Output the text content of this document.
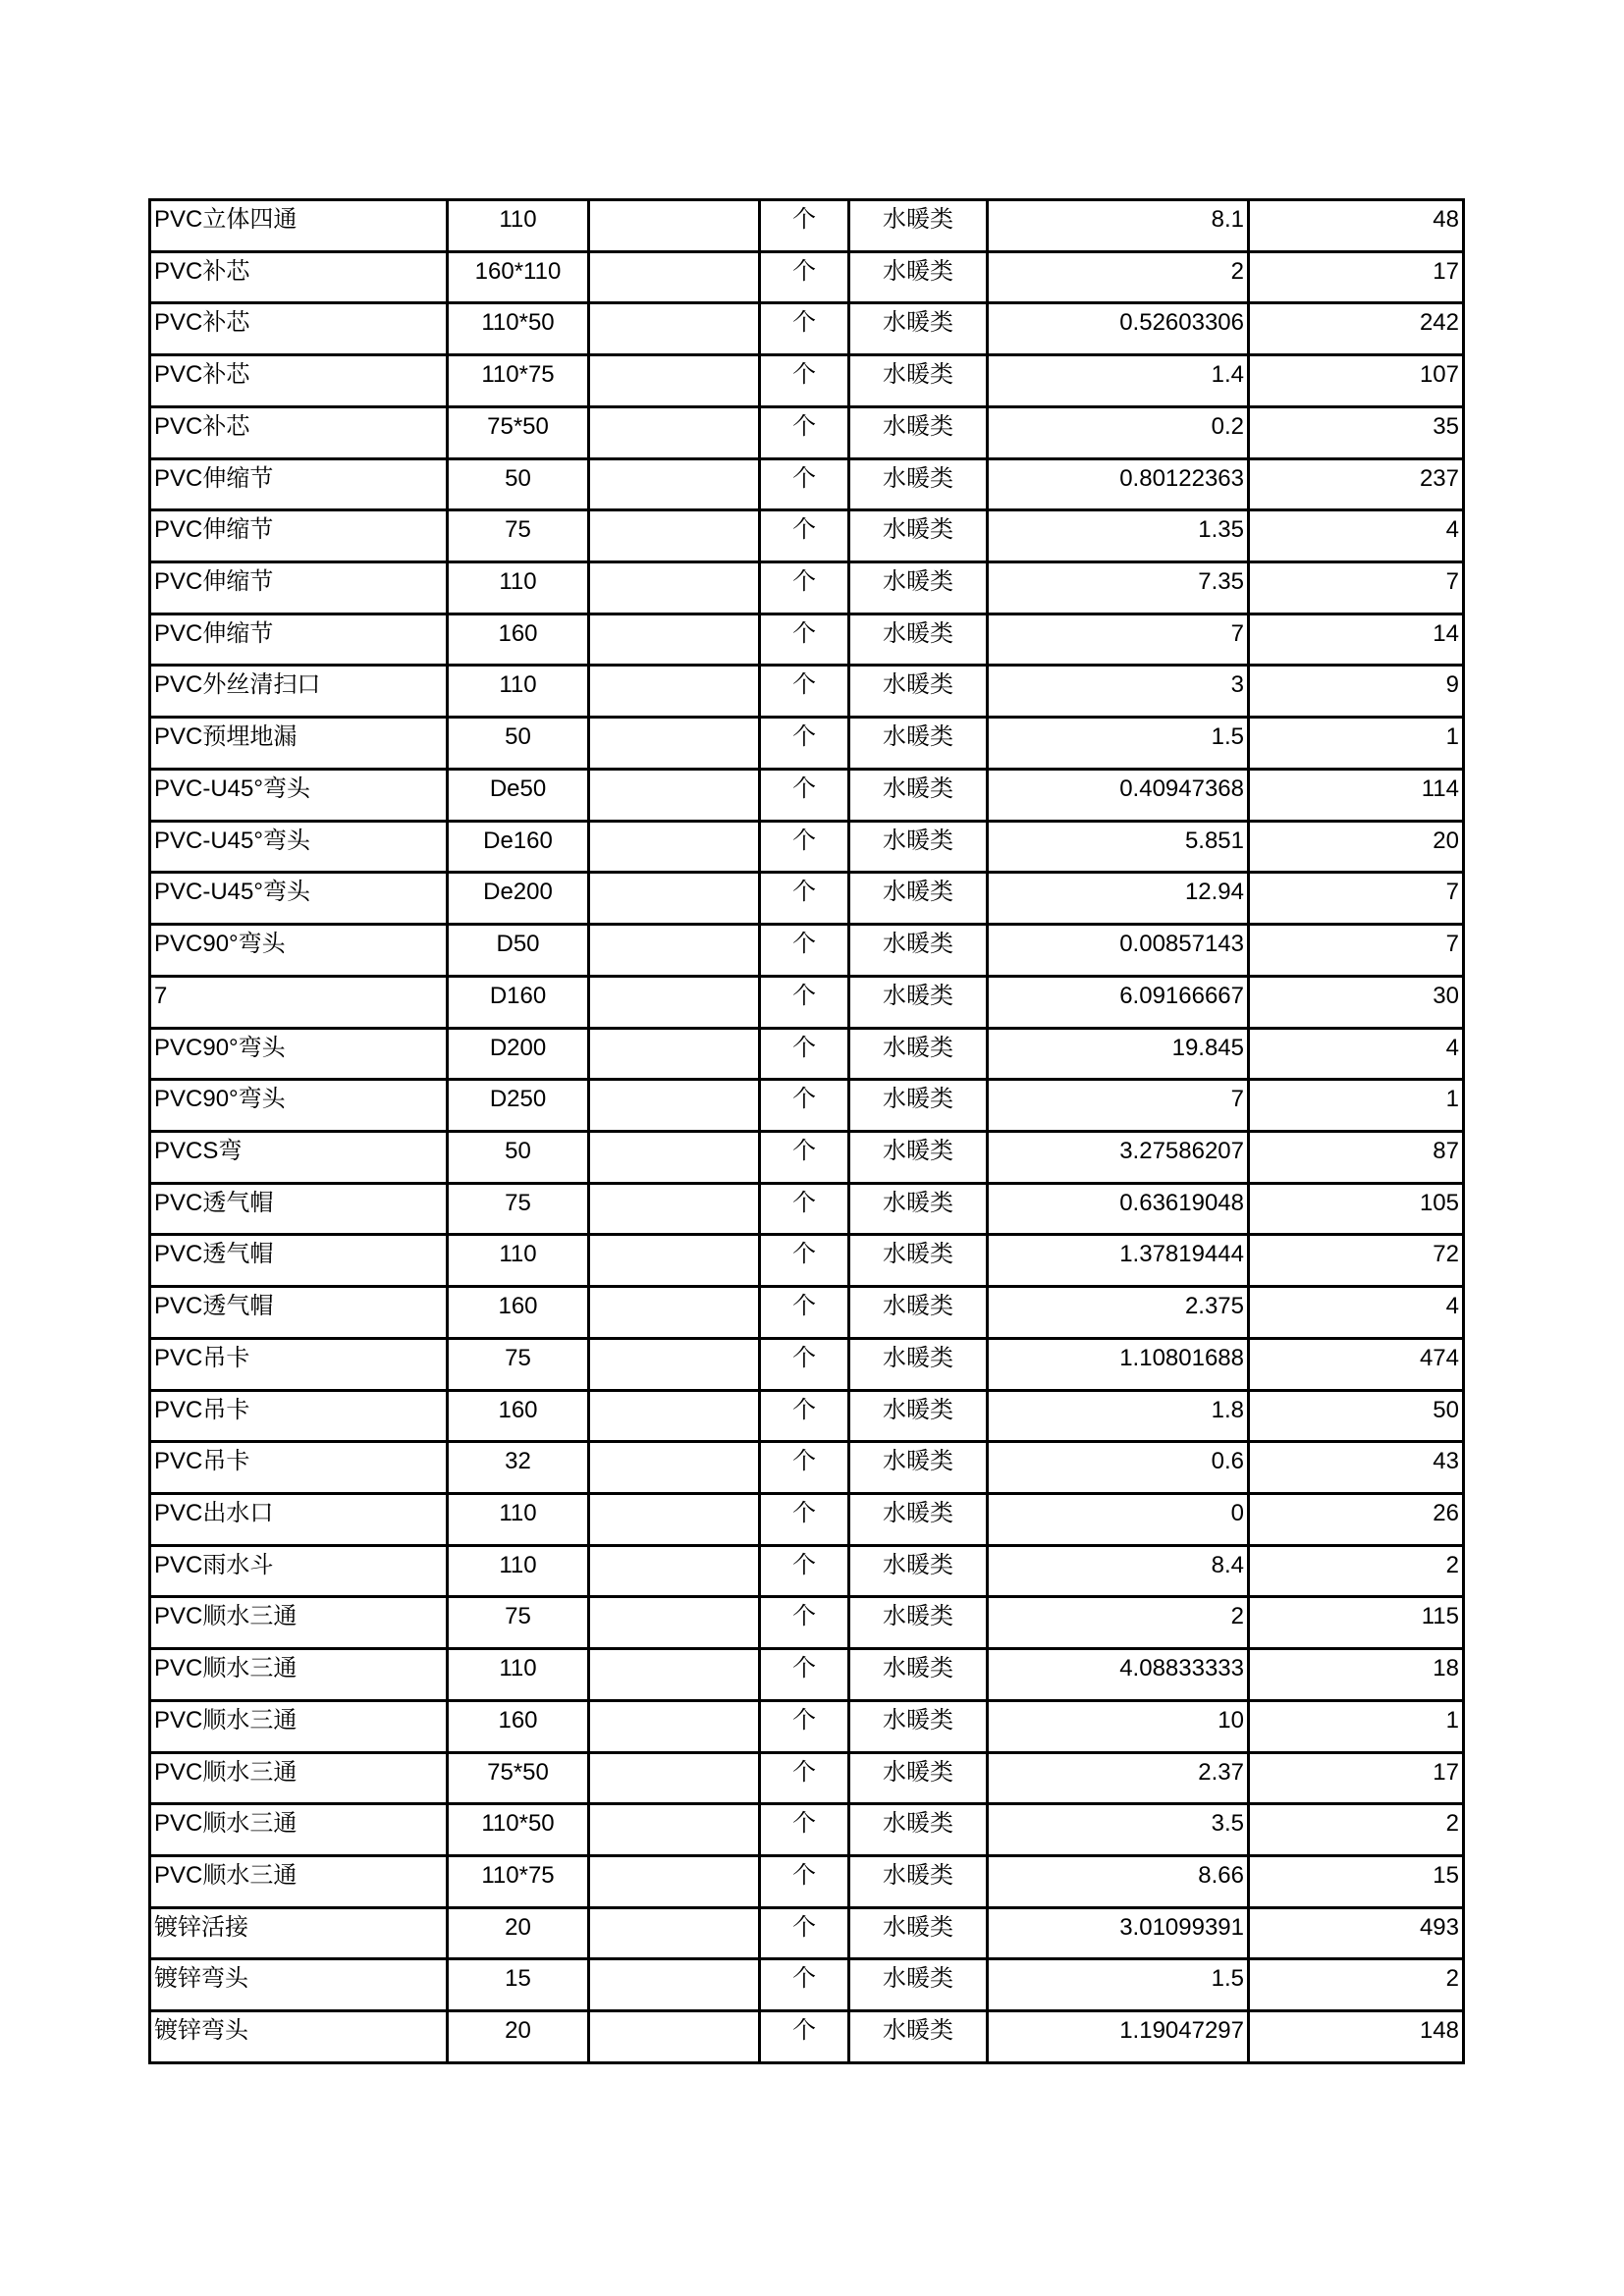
PVC立体四通	110		个	水暖类	8.1	48
PVC补芯	160*110		个	水暖类	2	17
PVC补芯	110*50		个	水暖类	0.52603306	242
PVC补芯	110*75		个	水暖类	1.4	107
PVC补芯	75*50		个	水暖类	0.2	35
PVC伸缩节	50		个	水暖类	0.80122363	237
PVC伸缩节	75		个	水暖类	1.35	4
PVC伸缩节	110		个	水暖类	7.35	7
PVC伸缩节	160		个	水暖类	7	14
PVC外丝清扫口	110		个	水暖类	3	9
PVC预埋地漏	50		个	水暖类	1.5	1
PVC-U45°弯头	De50		个	水暖类	0.40947368	114
PVC-U45°弯头	De160		个	水暖类	5.851	20
PVC-U45°弯头	De200		个	水暖类	12.94	7
PVC90°弯头	D50		个	水暖类	0.00857143	7
7	D160		个	水暖类	6.09166667	30
PVC90°弯头	D200		个	水暖类	19.845	4
PVC90°弯头	D250		个	水暖类	7	1
PVCS弯	50		个	水暖类	3.27586207	87
PVC透气帽	75		个	水暖类	0.63619048	105
PVC透气帽	110		个	水暖类	1.37819444	72
PVC透气帽	160		个	水暖类	2.375	4
PVC吊卡	75		个	水暖类	1.10801688	474
PVC吊卡	160		个	水暖类	1.8	50
PVC吊卡	32		个	水暖类	0.6	43
PVC出水口	110		个	水暖类	0	26
PVC雨水斗	110		个	水暖类	8.4	2
PVC顺水三通	75		个	水暖类	2	115
PVC顺水三通	110		个	水暖类	4.08833333	18
PVC顺水三通	160		个	水暖类	10	1
PVC顺水三通	75*50		个	水暖类	2.37	17
PVC顺水三通	110*50		个	水暖类	3.5	2
PVC顺水三通	110*75		个	水暖类	8.66	15
镀锌活接	20		个	水暖类	3.01099391	493
镀锌弯头	15		个	水暖类	1.5	2
镀锌弯头	20		个	水暖类	1.19047297	148
